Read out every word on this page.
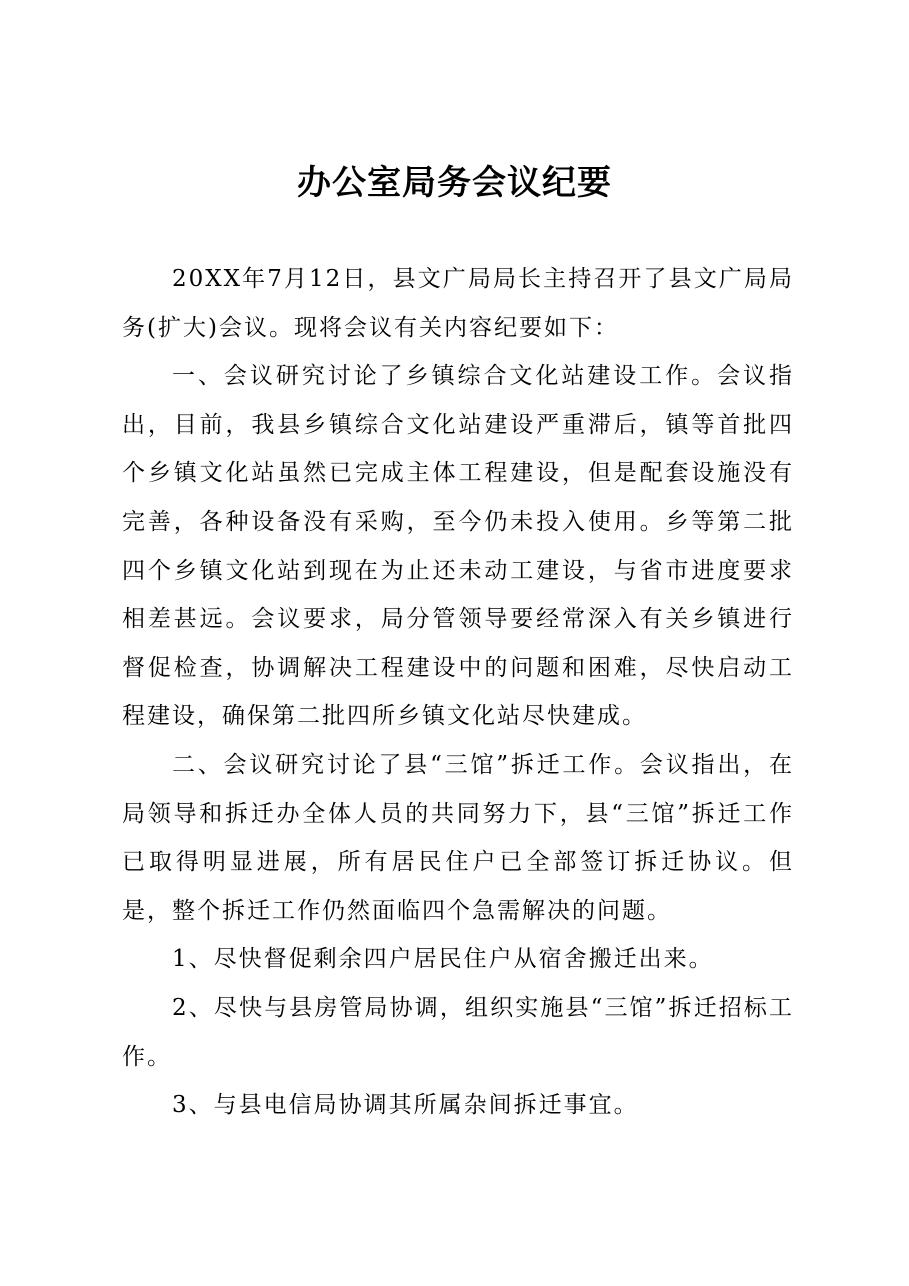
办公室局务会议纪要

20XX年7月12日，县文广局局长主持召开了县文广局局务(扩大)会议。现将会议有关内容纪要如下：

一、会议研究讨论了乡镇综合文化站建设工作。会议指出，目前，我县乡镇综合文化站建设严重滞后，镇等首批四个乡镇文化站虽然已完成主体工程建设，但是配套设施没有完善，各种设备没有采购，至今仍未投入使用。乡等第二批四个乡镇文化站到现在为止还未动工建设，与省市进度要求相差甚远。会议要求，局分管领导要经常深入有关乡镇进行督促检查，协调解决工程建设中的问题和困难，尽快启动工程建设，确保第二批四所乡镇文化站尽快建成。

二、会议研究讨论了县“三馆”拆迁工作。会议指出，在局领导和拆迁办全体人员的共同努力下，县“三馆”拆迁工作已取得明显进展，所有居民住户已全部签订拆迁协议。但是，整个拆迁工作仍然面临四个急需解决的问题。

1、尽快督促剩余四户居民住户从宿舍搬迁出来。

2、尽快与县房管局协调，组织实施县“三馆”拆迁招标工作。

3、与县电信局协调其所属杂间拆迁事宜。
